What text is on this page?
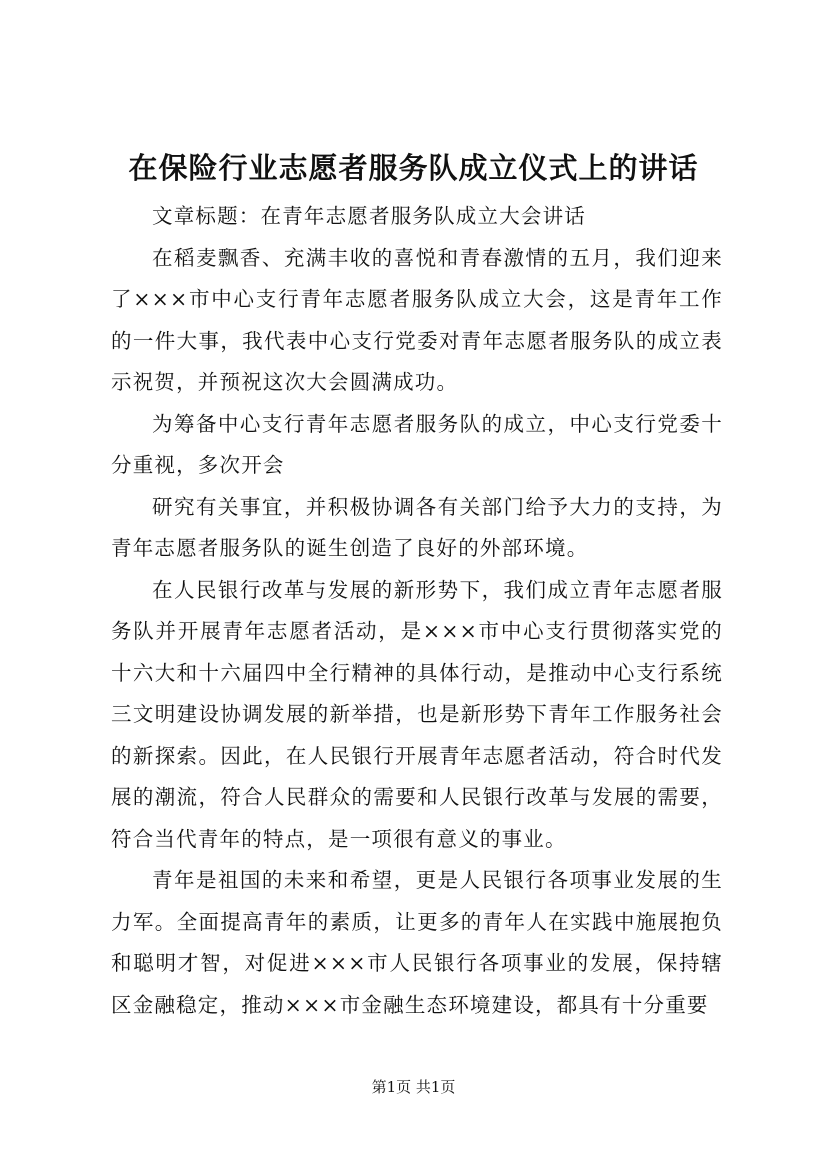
在保险行业志愿者服务队成立仪式上的讲话

文章标题：在青年志愿者服务队成立大会讲话

在稻麦飘香、充满丰收的喜悦和青春激情的五月，我们迎来了×××市中心支行青年志愿者服务队成立大会，这是青年工作的一件大事，我代表中心支行党委对青年志愿者服务队的成立表示祝贺，并预祝这次大会圆满成功。

为筹备中心支行青年志愿者服务队的成立，中心支行党委十分重视，多次开会

研究有关事宜，并积极协调各有关部门给予大力的支持，为青年志愿者服务队的诞生创造了良好的外部环境。

在人民银行改革与发展的新形势下，我们成立青年志愿者服务队并开展青年志愿者活动，是×××市中心支行贯彻落实党的十六大和十六届四中全行精神的具体行动，是推动中心支行系统三文明建设协调发展的新举措，也是新形势下青年工作服务社会的新探索。因此，在人民银行开展青年志愿者活动，符合时代发展的潮流，符合人民群众的需要和人民银行改革与发展的需要，符合当代青年的特点，是一项很有意义的事业。

青年是祖国的未来和希望，更是人民银行各项事业发展的生力军。全面提高青年的素质，让更多的青年人在实践中施展抱负和聪明才智，对促进×××市人民银行各项事业的发展，保持辖区金融稳定，推动×××市金融生态环境建设，都具有十分重要

第1页 共1页
